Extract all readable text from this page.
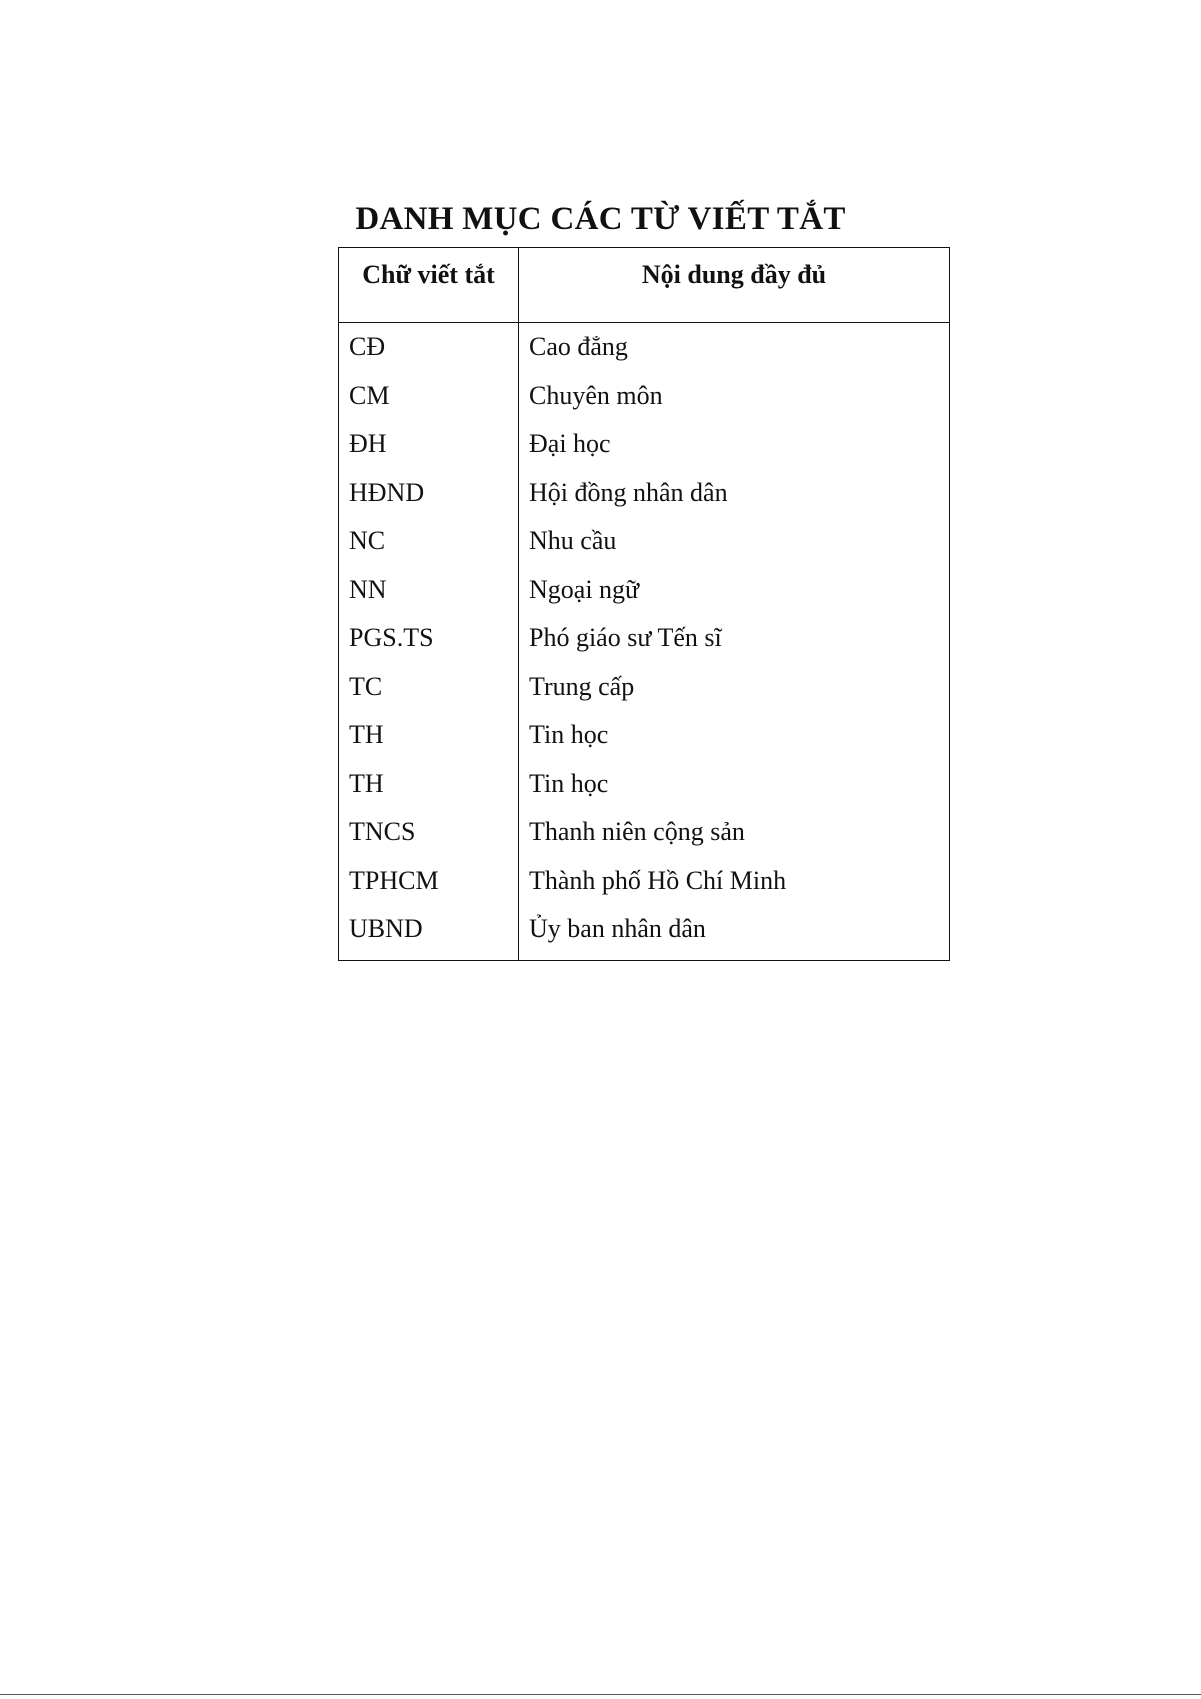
DANH MỤC CÁC TỪ VIẾT TẮT
Chữ viết tắt	Nội dung đầy đủ
CĐ	Cao đẳng
CM	Chuyên môn
ĐH	Đại học
HĐND	Hội đồng nhân dân
NC	Nhu cầu
NN	Ngoại ngữ
PGS.TS	Phó giáo sư Tến sĩ
TC	Trung cấp
TH	Tin học
TH	Tin học
TNCS	Thanh niên cộng sản
TPHCM	Thành phố Hồ Chí Minh
UBND	Ủy ban nhân dân
